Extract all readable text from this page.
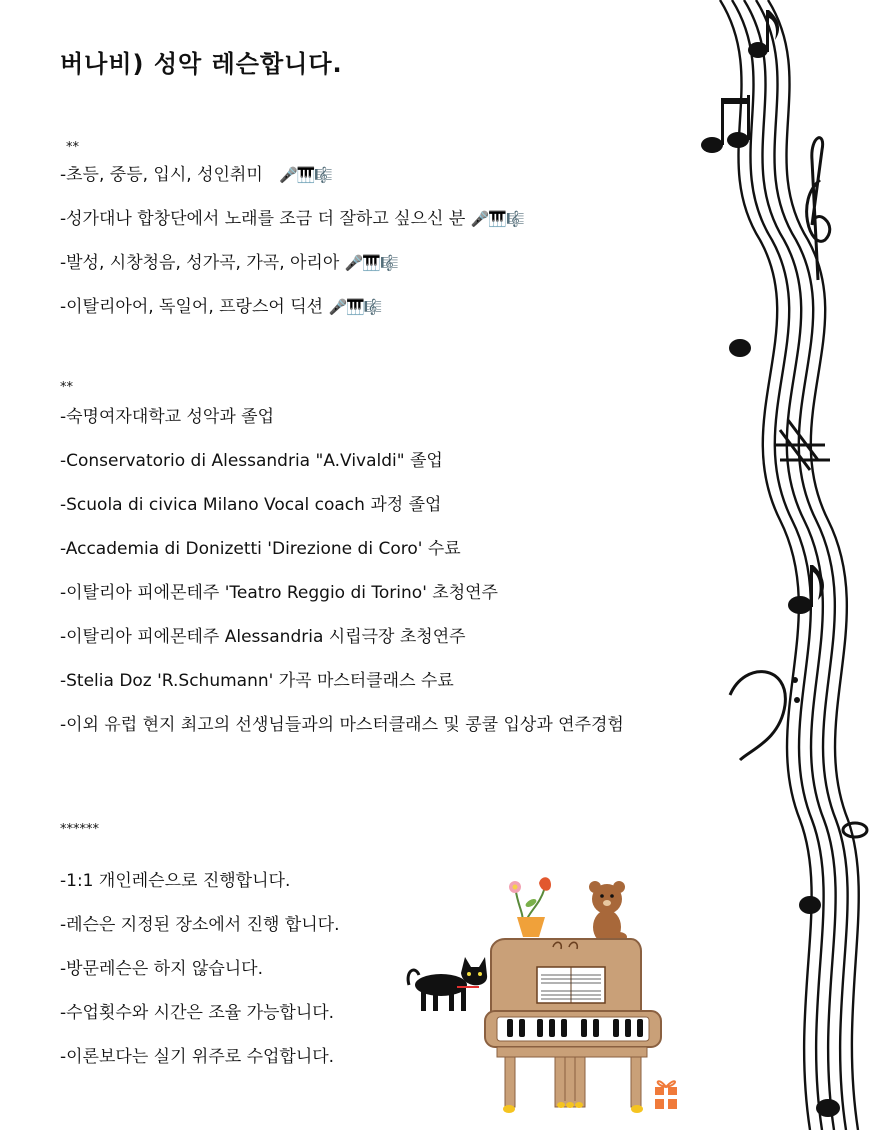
버나비) 성악 레슨합니다.
**
-초등, 중등, 입시, 성인취미 🎤🎹🎼
-성가대나 합창단에서 노래를 조금 더 잘하고 싶으신 분 🎤🎹🎼
-발성, 시창청음, 성가곡, 가곡, 아리아 🎤🎹🎼
-이탈리아어, 독일어, 프랑스어 딕션 🎤🎹🎼
**
-숙명여자대학교 성악과 졸업
-Conservatorio di Alessandria "A.Vivaldi" 졸업
-Scuola di civica Milano Vocal coach 과정 졸업
-Accademia di Donizetti 'Direzione di Coro' 수료
-이탈리아 피에몬테주 'Teatro Reggio di Torino' 초청연주
-이탈리아 피에몬테주 Alessandria 시립극장 초청연주
-Stelia Doz 'R.Schumann' 가곡 마스터클래스 수료
-이외 유럽 현지 최고의 선생님들과의 마스터클래스 및 콩쿨 입상과 연주경험
******
-1:1 개인레슨으로 진행합니다.
-레슨은 지정된 장소에서 진행 합니다.
-방문레슨은 하지 않습니다.
-수업횟수와 시간은 조율 가능합니다.
-이론보다는 실기 위주로 수업합니다.
